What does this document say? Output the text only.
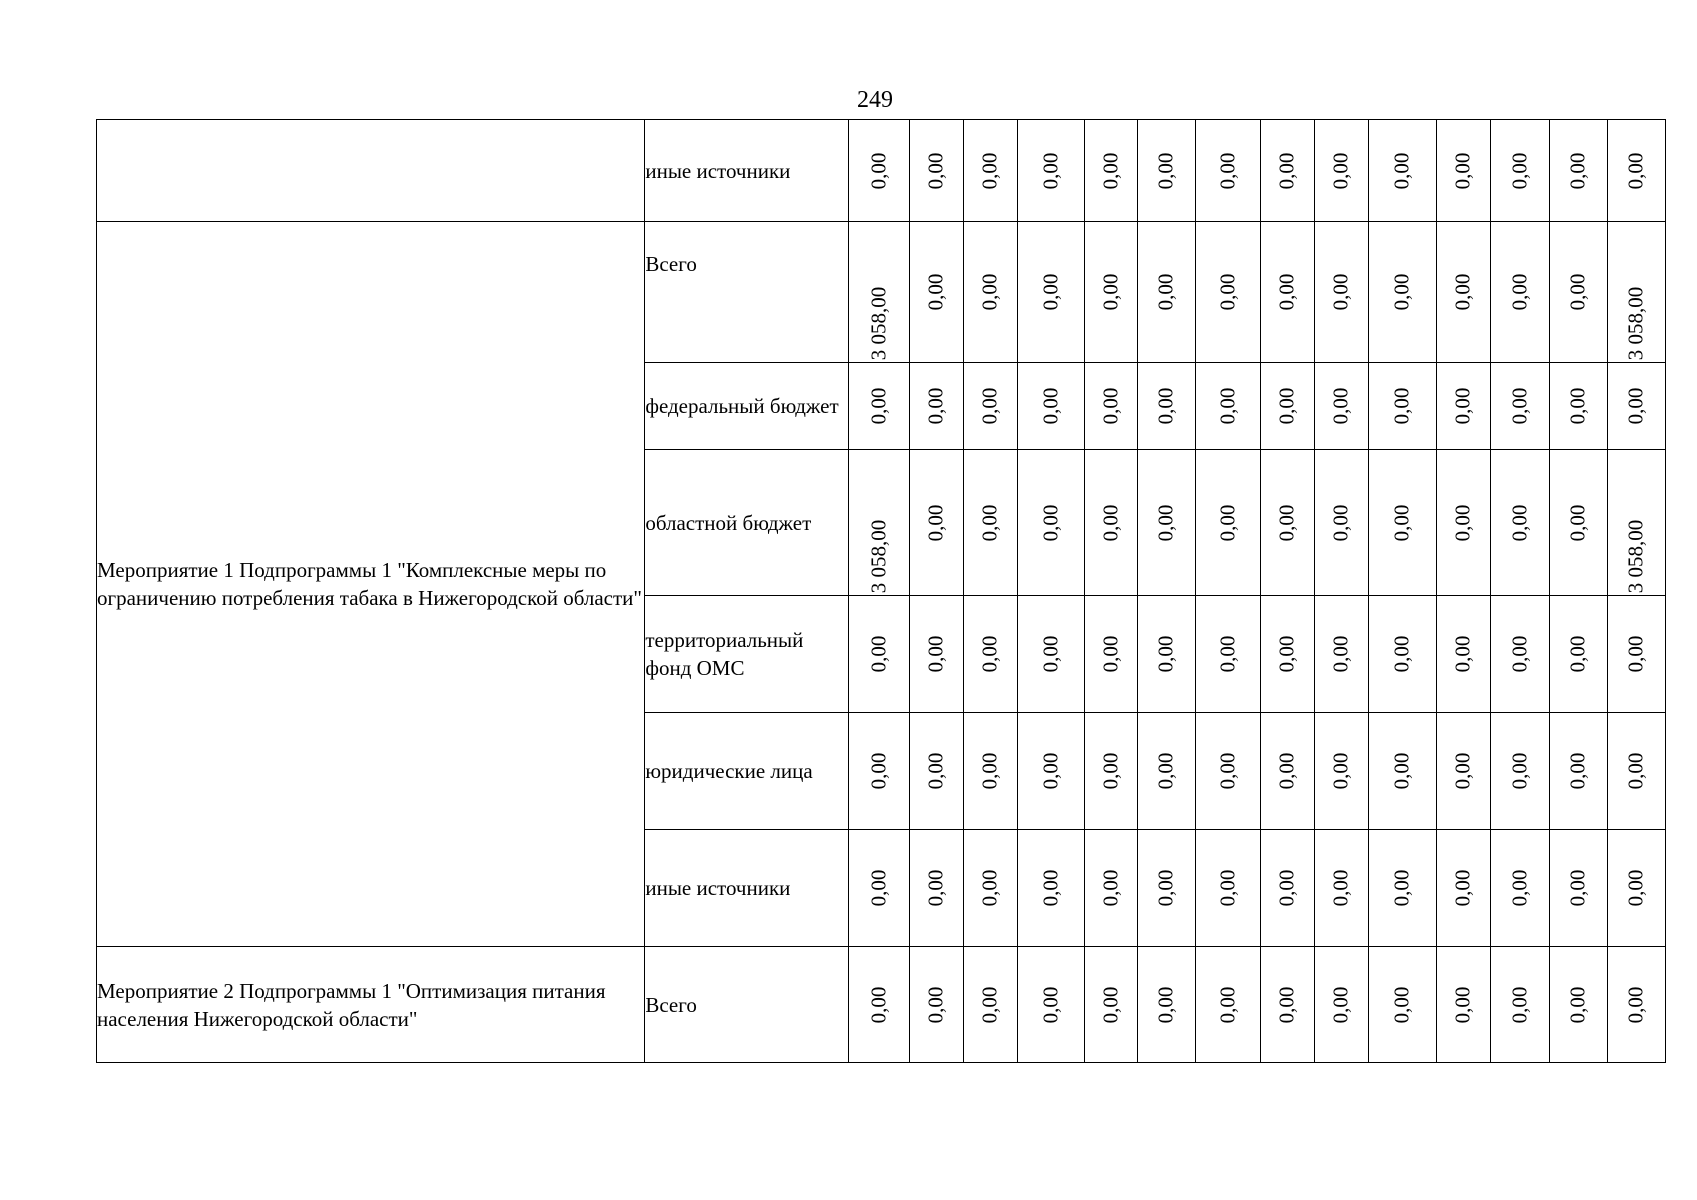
249
	иные источники	0,00	0,00	0,00	0,00	0,00	0,00	0,00	0,00	0,00	0,00	0,00	0,00	0,00	0,00

Мероприятие 1 Подпрограммы 1 "Комплексные меры по ограничению потребления табака в Нижегородской области"	Всего	3 058,00	0,00	0,00	0,00	0,00	0,00	0,00	0,00	0,00	0,00	0,00	0,00	0,00	3 058,00

	федеральный бюджет	0,00	0,00	0,00	0,00	0,00	0,00	0,00	0,00	0,00	0,00	0,00	0,00	0,00	0,00

	областной бюджет	3 058,00	0,00	0,00	0,00	0,00	0,00	0,00	0,00	0,00	0,00	0,00	0,00	0,00	3 058,00

	территориальный фонд ОМС	0,00	0,00	0,00	0,00	0,00	0,00	0,00	0,00	0,00	0,00	0,00	0,00	0,00	0,00

	юридические лица	0,00	0,00	0,00	0,00	0,00	0,00	0,00	0,00	0,00	0,00	0,00	0,00	0,00	0,00

	иные источники	0,00	0,00	0,00	0,00	0,00	0,00	0,00	0,00	0,00	0,00	0,00	0,00	0,00	0,00

Мероприятие 2 Подпрограммы 1 "Оптимизация питания населения Нижегородской области"	Всего	0,00	0,00	0,00	0,00	0,00	0,00	0,00	0,00	0,00	0,00	0,00	0,00	0,00	0,00
